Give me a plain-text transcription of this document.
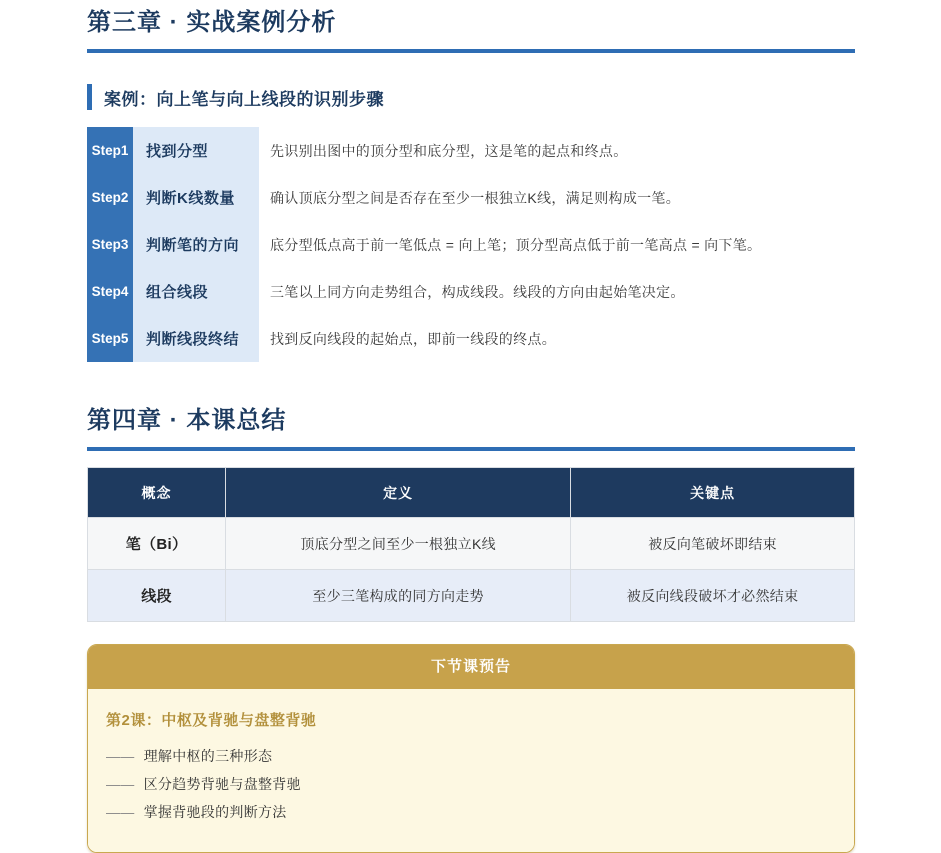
第三章 · 实战案例分析
案例：向上笔与向上线段的识别步骤
Step1	找到分型	先识别出图中的顶分型和底分型，这是笔的起点和终点。
Step2	判断K线数量	确认顶底分型之间是否存在至少一根独立K线，满足则构成一笔。
Step3	判断笔的方向	底分型低点高于前一笔低点 = 向上笔；顶分型高点低于前一笔高点 = 向下笔。
Step4	组合线段	三笔以上同方向走势组合，构成线段。线段的方向由起始笔决定。
Step5	判断线段终结	找到反向线段的起始点，即前一线段的终点。
第四章 · 本课总结
概念	定义	关键点
笔（Bi）	顶底分型之间至少一根独立K线	被反向笔破坏即结束
线段	至少三笔构成的同方向走势	被反向线段破坏才必然结束
下节课预告
第2课：中枢及背驰与盘整背驰
—— 理解中枢的三种形态
—— 区分趋势背驰与盘整背驰
—— 掌握背驰段的判断方法
